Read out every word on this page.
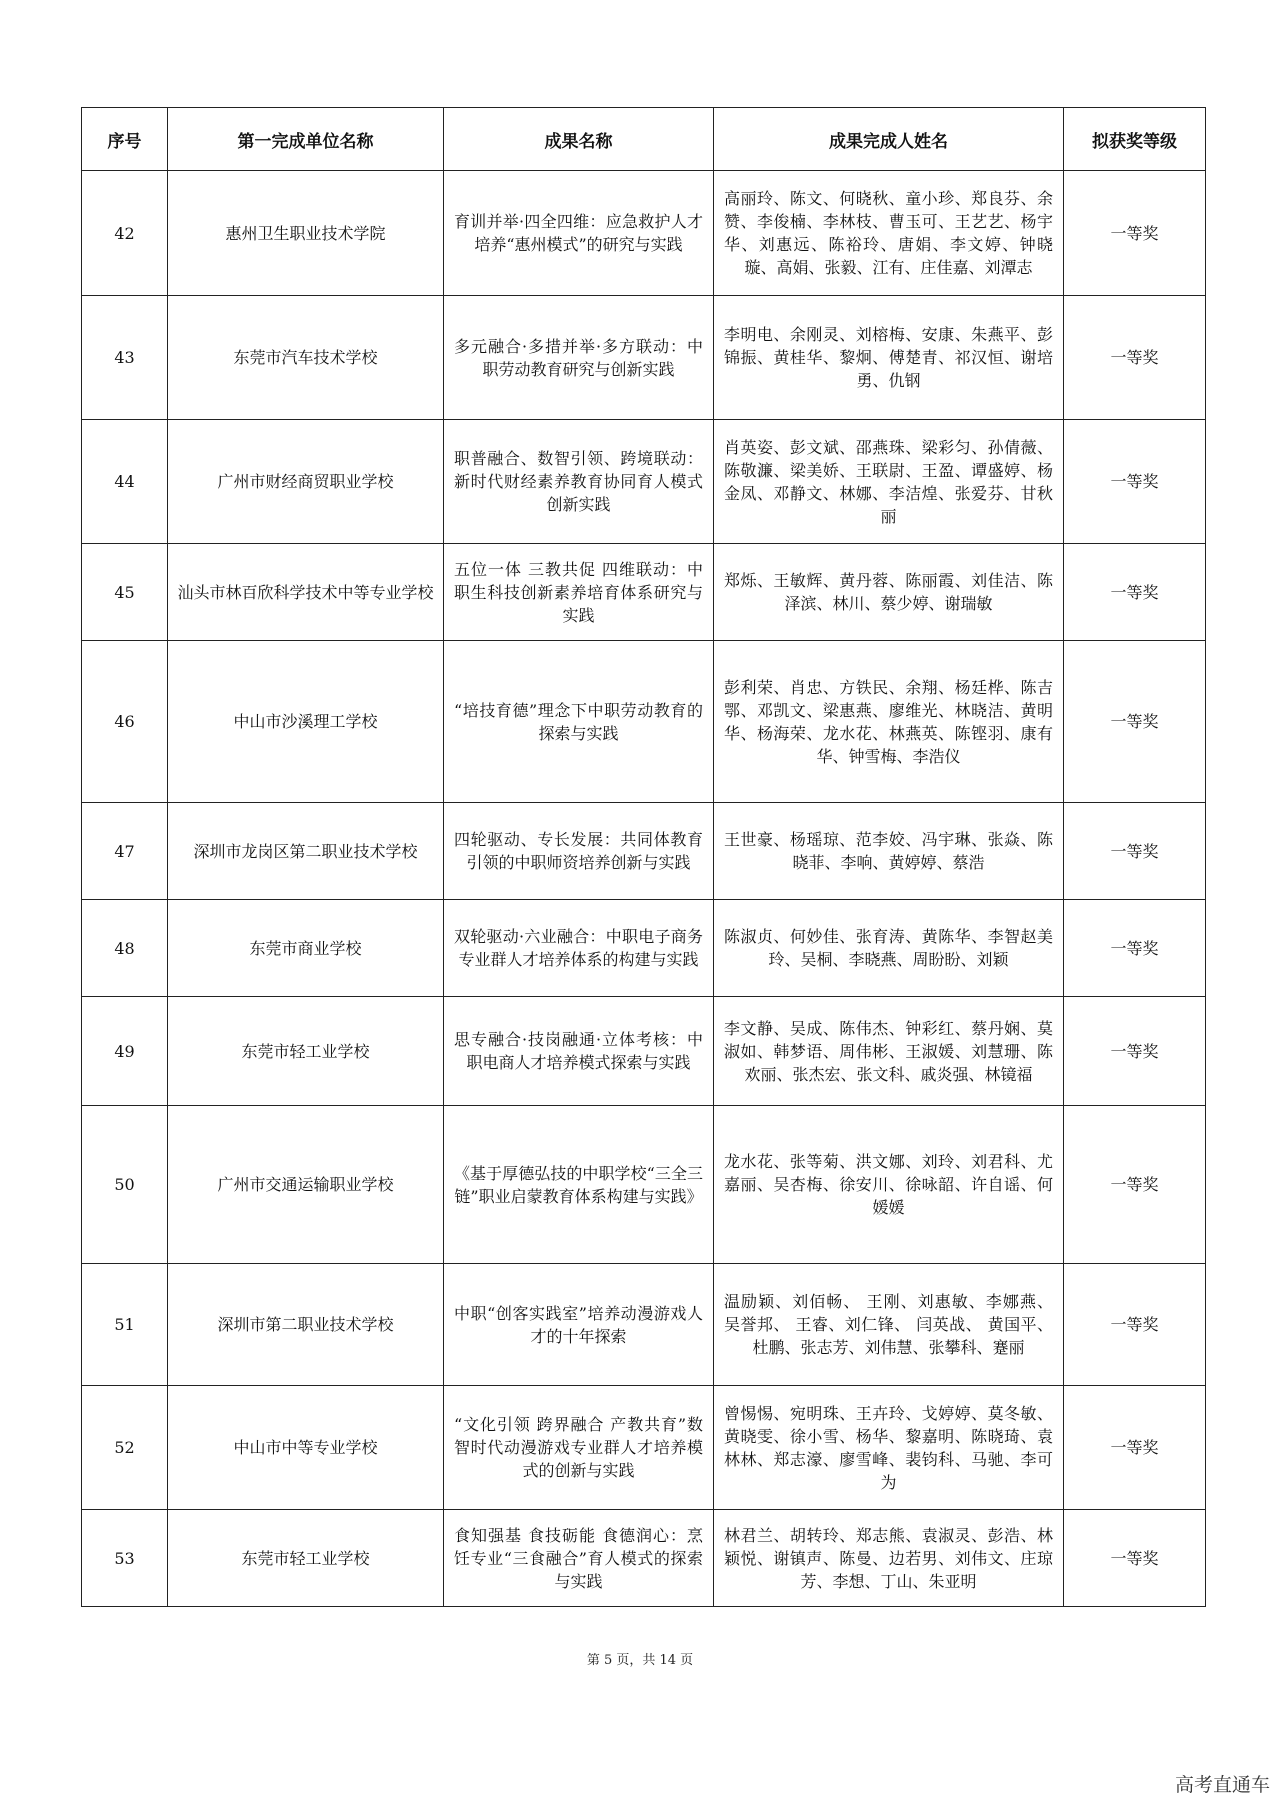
序号	第一完成单位名称	成果名称	成果完成人姓名	拟获奖等级
42	惠州卫生职业技术学院	育训并举·四全四维：应急救护人才培养“惠州模式”的研究与实践	高丽玲、陈文、何晓秋、童小珍、郑良芬、余赞、李俊楠、李林枝、曹玉可、王艺艺、杨宇华、刘惠远、陈裕玲、唐娟、李文婷、钟晓璇、高娟、张毅、江有、庄佳嘉、刘潭志	一等奖
43	东莞市汽车技术学校	多元融合·多措并举·多方联动：中职劳动教育研究与创新实践	李明电、余刚灵、刘榕梅、安康、朱燕平、彭锦振、黄桂华、黎炯、傅楚青、祁汉恒、谢培勇、仇钢	一等奖
44	广州市财经商贸职业学校	职普融合、数智引领、跨境联动：新时代财经素养教育协同育人模式创新实践	肖英姿、彭文斌、邵燕珠、梁彩匀、孙倩薇、陈敬濂、梁美娇、王联尉、王盈、谭盛婷、杨金凤、邓静文、林娜、李洁煌、张爱芬、甘秋丽	一等奖
45	汕头市林百欣科学技术中等专业学校	五位一体 三教共促 四维联动：中职生科技创新素养培育体系研究与实践	郑烁、王敏辉、黄丹蓉、陈丽霞、刘佳洁、陈泽滨、林川、蔡少婷、谢瑞敏	一等奖
46	中山市沙溪理工学校	“培技育德”理念下中职劳动教育的探索与实践	彭利荣、肖忠、方铁民、余翔、杨廷桦、陈吉鄂、邓凯文、梁惠燕、廖维光、林晓洁、黄明华、杨海荣、龙水花、林燕英、陈铿羽、康有华、钟雪梅、李浩仪	一等奖
47	深圳市龙岗区第二职业技术学校	四轮驱动、专长发展：共同体教育引领的中职师资培养创新与实践	王世豪、杨瑶琼、范李姣、冯宇琳、张焱、陈晓菲、李响、黄婷婷、蔡浩	一等奖
48	东莞市商业学校	双轮驱动·六业融合：中职电子商务专业群人才培养体系的构建与实践	陈淑贞、何妙佳、张育涛、黄陈华、李智赵美玲、吴桐、李晓燕、周盼盼、刘颖	一等奖
49	东莞市轻工业学校	思专融合·技岗融通·立体考核：中职电商人才培养模式探索与实践	李文静、吴成、陈伟杰、钟彩红、蔡丹娴、莫淑如、韩梦语、周伟彬、王淑媛、刘慧珊、陈欢丽、张杰宏、张文科、戚炎强、林镜福	一等奖
50	广州市交通运输职业学校	《基于厚德弘技的中职学校“三全三链”职业启蒙教育体系构建与实践》	龙水花、张等菊、洪文娜、刘玲、刘君科、尤嘉丽、吴杏梅、徐安川、徐咏韶、许自谣、何媛媛	一等奖
51	深圳市第二职业技术学校	中职“创客实践室”培养动漫游戏人才的十年探索	温励颖、刘佰畅、 王刚、刘惠敏、李娜燕、 吴誉邦、 王睿、刘仁锋、 闫英战、 黄国平、 杜鹏、张志芳、刘伟慧、张攀科、蹇丽	一等奖
52	中山市中等专业学校	“文化引领 跨界融合 产教共育”数智时代动漫游戏专业群人才培养模式的创新与实践	曾惕惕、宛明珠、王卉玲、戈婷婷、莫冬敏、黄晓雯、徐小雪、杨华、黎嘉明、陈晓琦、袁林林、郑志濠、廖雪峰、裴钧科、马驰、李可为	一等奖
53	东莞市轻工业学校	食知强基 食技砺能 食德润心：烹饪专业“三食融合”育人模式的探索与实践	林君兰、胡转玲、郑志熊、袁淑灵、彭浩、林颖悦、谢镇声、陈曼、边若男、刘伟文、庄琼芳、李想、丁山、朱亚明	一等奖
第 5 页，共 14 页
高考直通车
